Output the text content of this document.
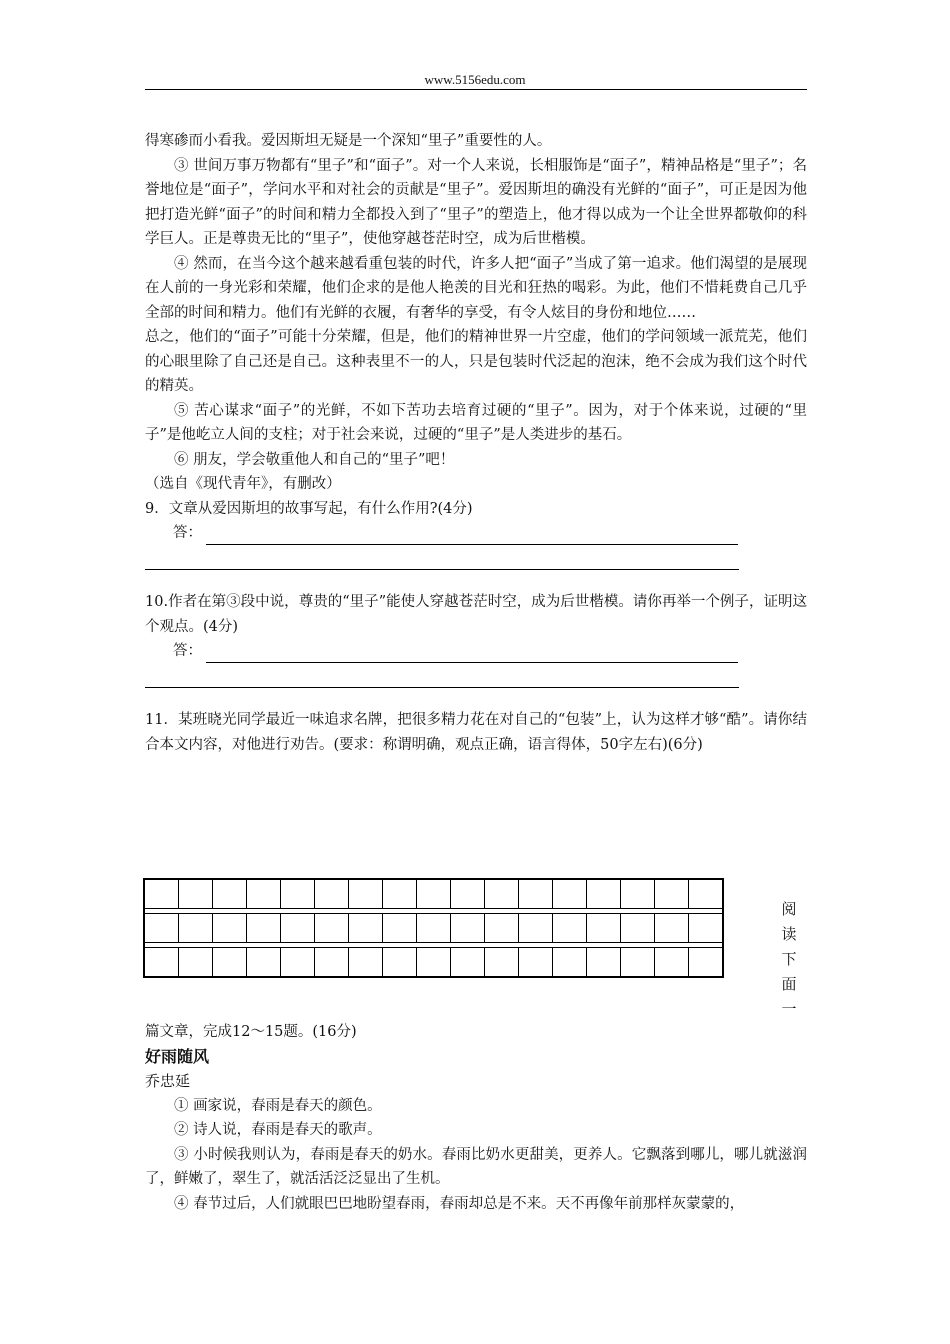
www.5156edu.com

得寒碜而小看我。爱因斯坦无疑是一个深知“里子”重要性的人。

③ 世间万事万物都有“里子”和“面子”。对一个人来说，长相服饰是“面子”，精神品格是“里子”；名誉地位是“面子”，学问水平和对社会的贡献是“里子”。爱因斯坦的确没有光鲜的“面子”，可正是因为他把打造光鲜“面子”的时间和精力全都投入到了“里子”的塑造上，他才得以成为一个让全世界都敬仰的科学巨人。正是尊贵无比的“里子”，使他穿越苍茫时空，成为后世楷模。

④ 然而，在当今这个越来越看重包装的时代，许多人把“面子”当成了第一追求。他们渴望的是展现在人前的一身光彩和荣耀，他们企求的是他人艳羡的目光和狂热的喝彩。为此，他们不惜耗费自己几乎全部的时间和精力。他们有光鲜的衣履，有奢华的享受，有令人炫目的身份和地位……

总之，他们的“面子”可能十分荣耀，但是，他们的精神世界一片空虚，他们的学问领域一派荒芜，他们的心眼里除了自己还是自己。这种表里不一的人，只是包装时代泛起的泡沫，绝不会成为我们这个时代的精英。

⑤ 苦心谋求“面子”的光鲜，不如下苦功去培育过硬的“里子”。因为，对于个体来说，过硬的“里子”是他屹立人间的支柱；对于社会来说，过硬的“里子”是人类进步的基石。

⑥ 朋友，学会敬重他人和自己的“里子”吧！

（选自《现代青年》，有删改）

9．文章从爱因斯坦的故事写起，有什么作用?(4分)

答：

10.作者在第③段中说，尊贵的“里子”能使人穿越苍茫时空，成为后世楷模。请你再举一个例子，证明这个观点。(4分)

答：

11．某班晓光同学最近一味追求名牌，把很多精力花在对自己的“包装”上，认为这样才够“酷”。请你结合本文内容，对他进行劝告。(要求：称谓明确，观点正确，语言得体，50字左右)(6分)

阅
读
下
面
一

篇文章，完成12～15题。(16分)

好雨随风

乔忠延

① 画家说，春雨是春天的颜色。

② 诗人说，春雨是春天的歌声。

③ 小时候我则认为，春雨是春天的奶水。春雨比奶水更甜美，更养人。它飘落到哪儿，哪儿就滋润了，鲜嫩了，翠生了，就活活泛泛显出了生机。

④ 春节过后，人们就眼巴巴地盼望春雨，春雨却总是不来。天不再像年前那样灰蒙蒙的，
